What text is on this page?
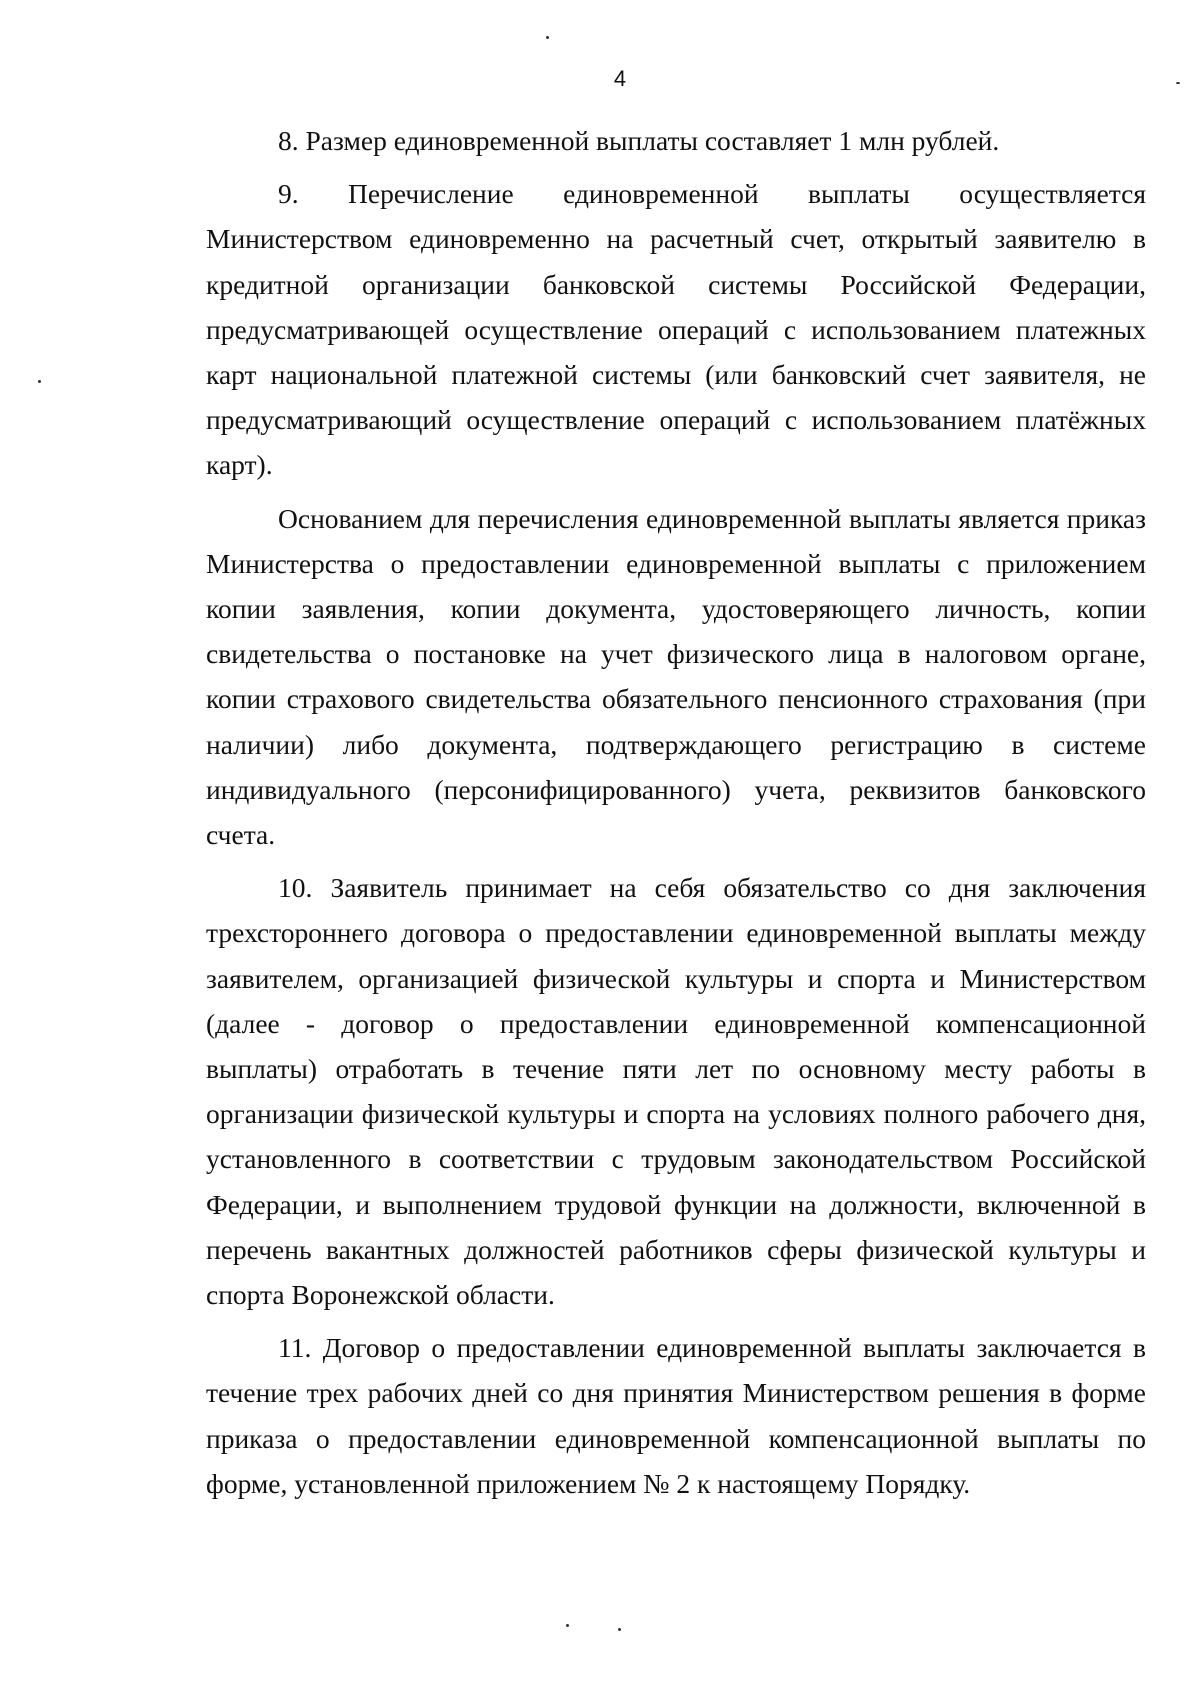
4

8. Размер единовременной выплаты составляет 1 млн рублей.

9. Перечисление единовременной выплаты осуществляется Министерством единовременно на расчетный счет, открытый заявителю в кредитной организации банковской системы Российской Федерации, предусматривающей осуществление операций с использованием платежных карт национальной платежной системы (или банковский счет заявителя, не предусматривающий осуществление операций с использованием платёжных карт).

Основанием для перечисления единовременной выплаты является приказ Министерства о предоставлении единовременной выплаты с приложением копии заявления, копии документа, удостоверяющего личность, копии свидетельства о постановке на учет физического лица в налоговом органе, копии страхового свидетельства обязательного пенсионного страхования (при наличии) либо документа, подтверждающего регистрацию в системе индивидуального (персонифицированного) учета, реквизитов банковского счета.

10. Заявитель принимает на себя обязательство со дня заключения трехстороннего договора о предоставлении единовременной выплаты между заявителем, организацией физической культуры и спорта и Министерством (далее - договор о предоставлении единовременной компенсационной выплаты) отработать в течение пяти лет по основному месту работы в организации физической культуры и спорта на условиях полного рабочего дня, установленного в соответствии с трудовым законодательством Российской Федерации, и выполнением трудовой функции на должности, включенной в перечень вакантных должностей работников сферы физической культуры и спорта Воронежской области.

11. Договор о предоставлении единовременной выплаты заключается в течение трех рабочих дней со дня принятия Министерством решения в форме приказа о предоставлении единовременной компенсационной выплаты по форме, установленной приложением № 2 к настоящему Порядку.
